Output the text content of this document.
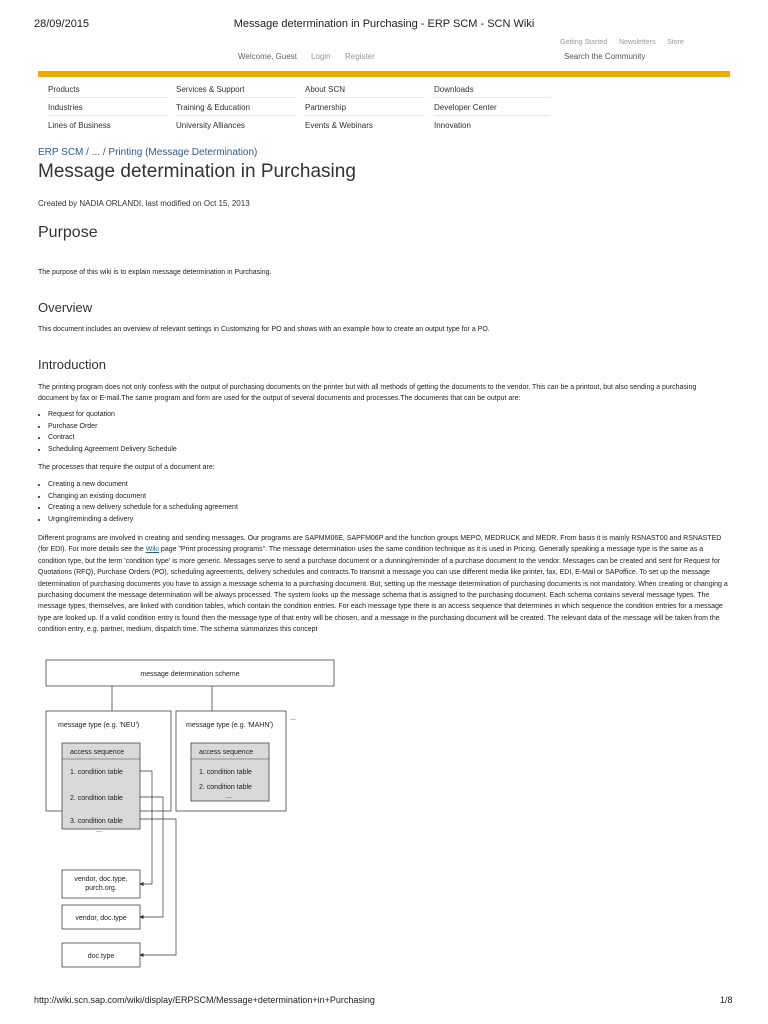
28/09/2015	Message determination in Purchasing - ERP SCM - SCN Wiki
Getting Started Newsletters Store
Welcome, Guest Login Register	Search the Community
Products	Services & Support	About SCN	Downloads
Industries	Training & Education	Partnership	Developer Center
Lines of Business	University Alliances	Events & Webinars	Innovation
ERP SCM / ... / Printing (Message Determination)
Message determination in Purchasing
Created by NADIA ORLANDI, last modified on Oct 15, 2013
Purpose
The purpose of this wiki is to explain message determination in Purchasing.
Overview
This document includes an overview of relevant settings in Customizing for PO and shows with an example how to create an output type for a PO.
Introduction
The printing program does not only confess with the output of purchasing documents on the printer but with all methods of getting the documents to the vendor. This can be a printout, but also sending a purchasing document by fax or E-mail.The same program and form are used for the output of several documents and processes.The documents that can be output are:
• Request for quotation
• Purchase Order
• Contract
• Scheduling Agreement Delivery Schedule
The processes that require the output of a document are:
• Creating a new document
• Changing an existing document
• Creating a new delivery schedule for a scheduling agreement
• Urging/reminding a delivery
Different programs are involved in creating and sending messages. Our programs are SAPMM06E, SAPFM06P and the function groups MEPO, MEDRUCK and MEDR. From basis it is mainly RSNAST00 and RSNASTED (for EDI). For more details see the Wiki page "Print processing programs". The message determination uses the same condition technique as it is used in Pricing. Generally speaking a message type is the same as a condition type, but the term 'condition type' is more generic. Messages serve to send a purchase document or a dunning/reminder of a purchase document to the vendor. Messages can be created and sent for Request for Quotations (RFQ), Purchase Orders (PO), scheduling agreements, delivery schedules and contracts.To transmit a message you can use different media like printer, fax, EDI, E-Mail or SAPoffice. To set up the message determination of purchasing documents you have to assign a message schema to a purchasing document. But, setting up the message determination of purchasing documents is not mandatory. When creating or changing a purchasing document the message determination will be always processed. The system looks up the message schema that is assigned to the purchasing document. Each schema contains several message types. The message types, themselves, are linked with condition tables, which contain the condition entries. For each message type there is an access sequence that determines in which sequence the condition entries for a message type are looked up. If a valid condition entry is found then the message type of that entry will be chosen, and a message in the purchasing document will be created. The relevant data of the message will be taken from the condition entry, e.g. partner, medium, dispatch time. The schema summarizes this concept
message determination scheme
message type (e.g. 'NEU')
access sequence
1. condition table
2. condition table
3. condition table
...
message type (e.g. 'MAHN')
...
access sequence
1. condition table
2. condition table
...
vendor, doc.type,
purch.org.
vendor, doc.type
doc.type
http://wiki.scn.sap.com/wiki/display/ERPSCM/Message+determination+in+Purchasing	1/8
